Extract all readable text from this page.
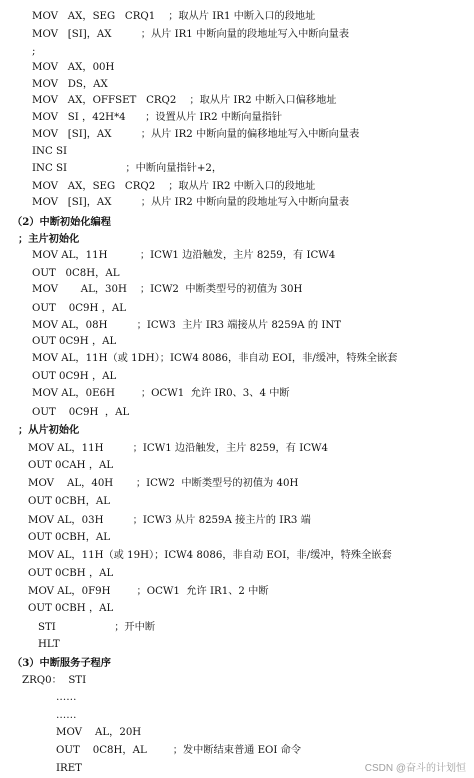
MOV   AX，SEG   CRQ1    ；取从片 IR1 中断入口的段地址
MOV   [SI]，AX         ；从片 IR1 中断向量的段地址写入中断向量表
;
MOV   AX，00H
MOV   DS，AX
MOV   AX，OFFSET   CRQ2    ；取从片 IR2 中断入口偏移地址
MOV   SI ，42H*4      ；设置从片 IR2 中断向量指针
MOV   [SI]，AX         ；从片 IR2 中断向量的偏移地址写入中断向量表
INC SI
INC SI                  ；中断向量指针+2，
MOV   AX，SEG   CRQ2    ；取从片 IR2 中断入口的段地址
MOV   [SI]，AX         ；从片 IR2 中断向量的段地址写入中断向量表
（2）中断初始化编程
；主片初始化
MOV AL，11H          ；ICW1 边沿触发，主片 8259，有 ICW4
OUT   0C8H，AL
MOV       AL，30H    ；ICW2  中断类型号的初值为 30H
OUT    0C9H ，AL
MOV AL，08H         ；ICW3  主片 IR3 端接从片 8259A 的 INT
OUT 0C9H ，AL
MOV AL，11H（或 1DH）；ICW4 8086，非自动 EOI，非/缓冲，特殊全嵌套
OUT 0C9H ，AL
MOV AL，0E6H        ；OCW1  允许 IR0、3、4 中断
OUT    0C9H  ，AL
；从片初始化
MOV AL，11H         ；ICW1 边沿触发，主片 8259，有 ICW4
OUT 0CAH ，AL
MOV    AL，40H       ；ICW2  中断类型号的初值为 40H
OUT 0CBH，AL
MOV AL，03H         ；ICW3 从片 8259A 接主片的 IR3 端
OUT 0CBH，AL
MOV AL，11H（或 19H）；ICW4 8086，非自动 EOI，非/缓冲，特殊全嵌套
OUT 0CBH ，AL
MOV AL，0F9H        ；OCW1  允许 IR1、2 中断
OUT 0CBH ，AL
STI                  ；开中断
HLT
（3）中断服务子程序
ZRQ0：  STI
……
……
MOV    AL，20H
OUT    0C8H，AL        ；发中断结束普通 EOI 命令
IRET	CSDN @奋斗的计划恒
